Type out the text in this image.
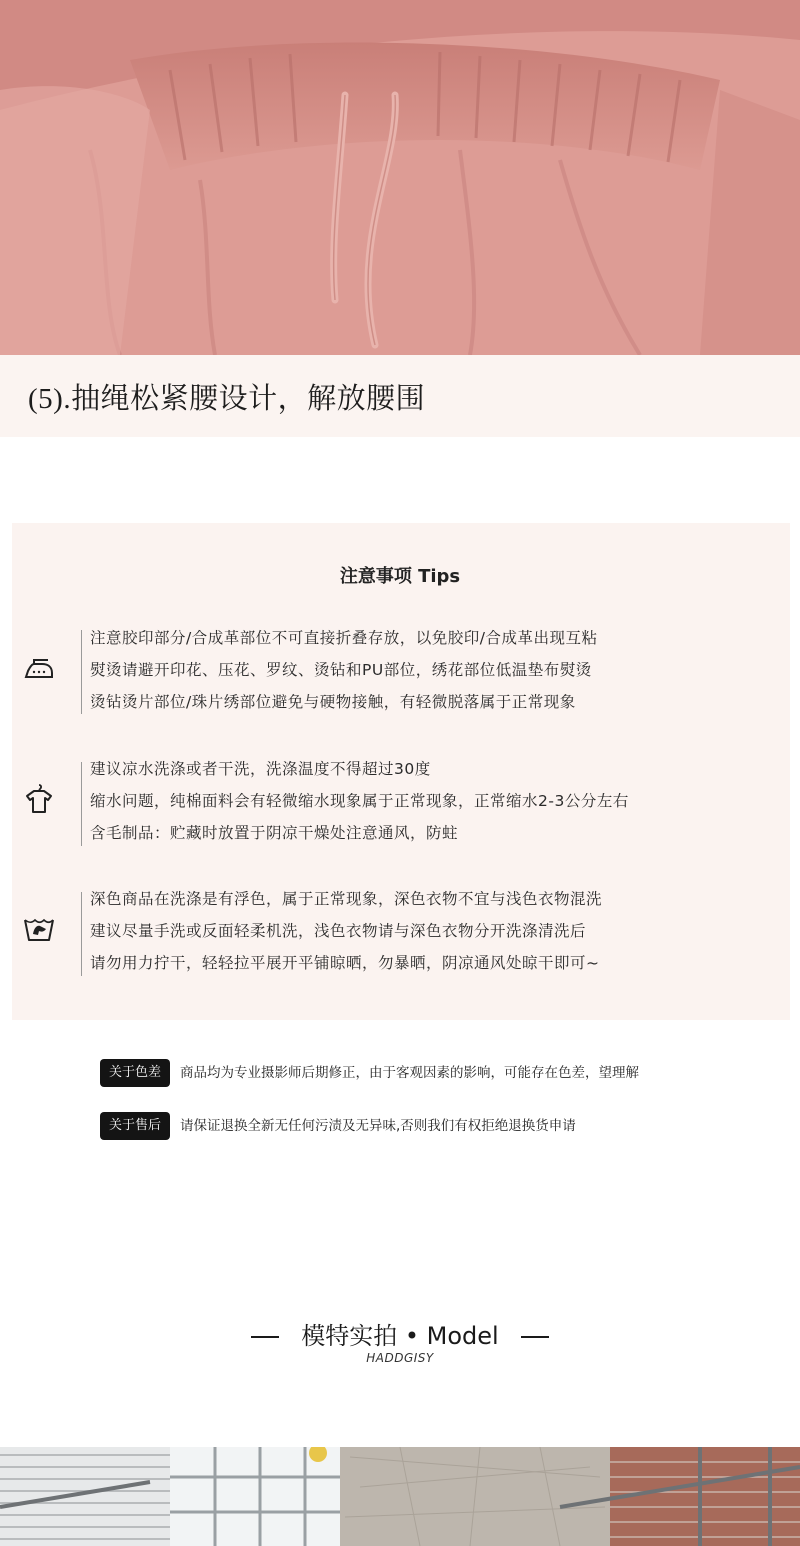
(5).抽绳松紧腰设计，解放腰围
注意事项 Tips
注意胶印部分/合成革部位不可直接折叠存放，以免胶印/合成革出现互粘
熨烫请避开印花、压花、罗纹、烫钻和PU部位，绣花部位低温垫布熨烫
烫钻烫片部位/珠片绣部位避免与硬物接触，有轻微脱落属于正常现象
建议凉水洗涤或者干洗，洗涤温度不得超过30度
缩水问题，纯棉面料会有轻微缩水现象属于正常现象，正常缩水2-3公分左右
含毛制品：贮藏时放置于阴凉干燥处注意通风，防蛀
深色商品在洗涤是有浮色，属于正常现象，深色衣物不宜与浅色衣物混洗
建议尽量手洗或反面轻柔机洗，浅色衣物请与深色衣物分开洗涤清洗后
请勿用力拧干，轻轻拉平展开平铺晾晒，勿暴晒，阴凉通风处晾干即可~
关于色差	商品均为专业摄影师后期修正，由于客观因素的影响，可能存在色差，望理解
关于售后	请保证退换全新无任何污渍及无异味,否则我们有权拒绝退换货申请
模特实拍 • Model
HADDGISY
